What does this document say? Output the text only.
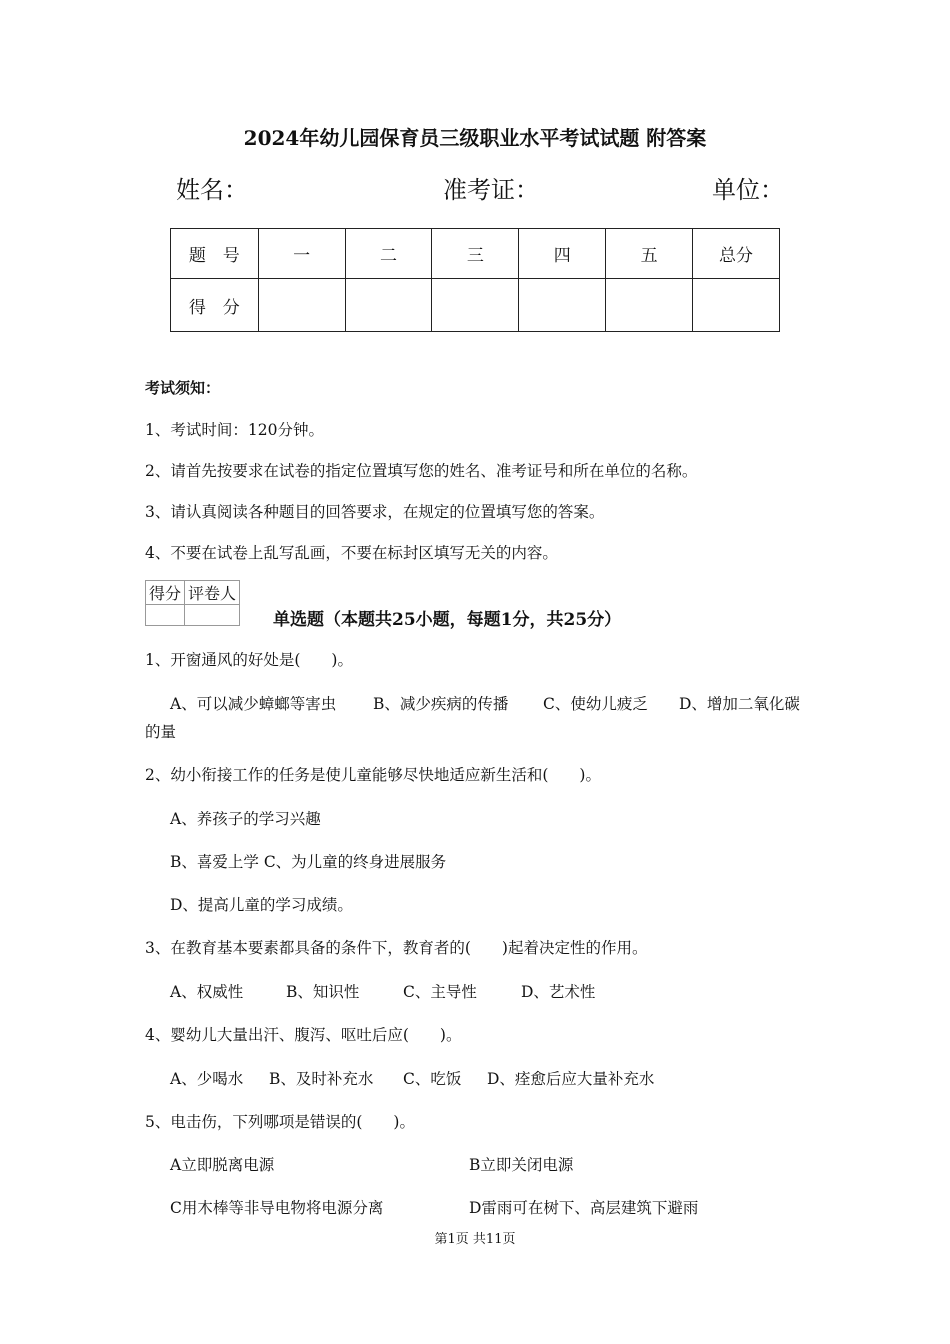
2024年幼儿园保育员三级职业水平考试试题 附答案
姓名：	准考证：	单位：
题　号	一	二	三	四	五	总分
得　分						
考试须知：
1、考试时间：120分钟。
2、请首先按要求在试卷的指定位置填写您的姓名、准考证号和所在单位的名称。
3、请认真阅读各种题目的回答要求，在规定的位置填写您的答案。
4、不要在试卷上乱写乱画，不要在标封区填写无关的内容。
得分	评卷人

单选题（本题共25小题，每题1分，共25分）
1、开窗通风的好处是(　　)。
A、可以减少蟑螂等害虫 B、减少疾病的传播 C、使幼儿疲乏 D、增加二氧化碳
的量
2、幼小衔接工作的任务是使儿童能够尽快地适应新生活和(　　)。
A、养孩子的学习兴趣
B、喜爱上学 C、为儿童的终身进展服务
D、提高儿童的学习成绩。
3、在教育基本要素都具备的条件下，教育者的(　　)起着决定性的作用。
A、权威性	B、知识性	C、主导性	D、艺术性
4、婴幼儿大量出汗、腹泻、呕吐后应(　　)。
A、少喝水 B、及时补充水 C、吃饭 D、痊愈后应大量补充水
5、电击伤，下列哪项是错误的(　　)。
A立即脱离电源	B立即关闭电源
C用木棒等非导电物将电源分离	D雷雨可在树下、高层建筑下避雨
第1页 共11页
